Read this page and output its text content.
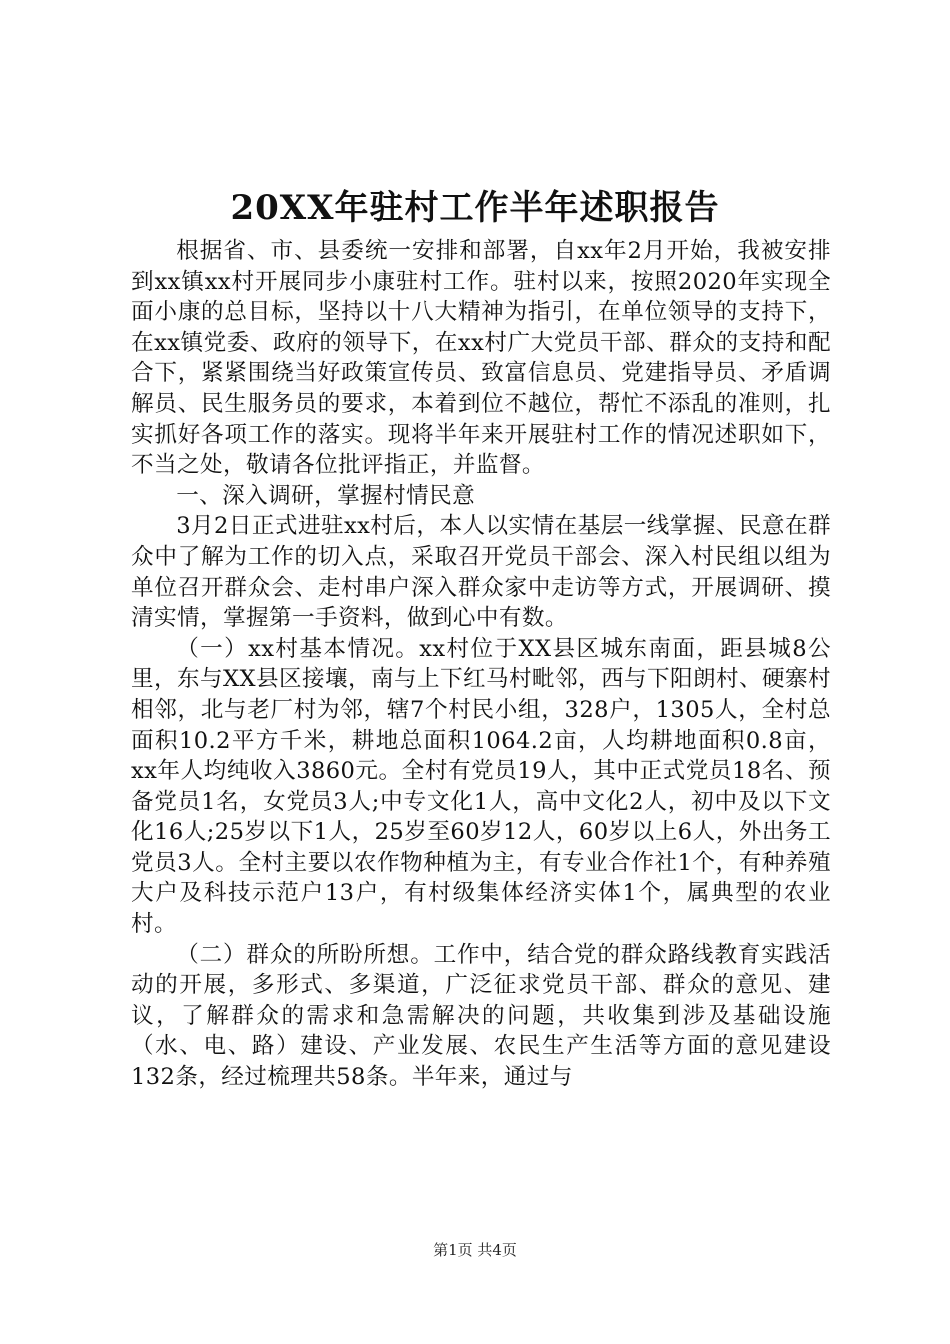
20XX年驻村工作半年述职报告

根据省、市、县委统一安排和部署，自xx年2月开始，我被安排到xx镇xx村开展同步小康驻村工作。驻村以来，按照2020年实现全面小康的总目标，坚持以十八大精神为指引，在单位领导的支持下，在xx镇党委、政府的领导下，在xx村广大党员干部、群众的支持和配合下，紧紧围绕当好政策宣传员、致富信息员、党建指导员、矛盾调解员、民生服务员的要求，本着到位不越位，帮忙不添乱的准则，扎实抓好各项工作的落实。现将半年来开展驻村工作的情况述职如下，不当之处，敬请各位批评指正，并监督。

一、深入调研，掌握村情民意

3月2日正式进驻xx村后，本人以实情在基层一线掌握、民意在群众中了解为工作的切入点，采取召开党员干部会、深入村民组以组为单位召开群众会、走村串户深入群众家中走访等方式，开展调研、摸清实情，掌握第一手资料，做到心中有数。

（一）xx村基本情况。xx村位于XX县区城东南面，距县城8公里，东与XX县区接壤，南与上下红马村毗邻，西与下阳朗村、硬寨村相邻，北与老厂村为邻，辖7个村民小组，328户，1305人，全村总面积10.2平方千米，耕地总面积1064.2亩，人均耕地面积0.8亩，xx年人均纯收入3860元。全村有党员19人，其中正式党员18名、预备党员1名，女党员3人;中专文化1人，高中文化2人，初中及以下文化16人;25岁以下1人，25岁至60岁12人，60岁以上6人，外出务工党员3人。全村主要以农作物种植为主，有专业合作社1个，有种养殖大户及科技示范户13户，有村级集体经济实体1个，属典型的农业村。

（二）群众的所盼所想。工作中，结合党的群众路线教育实践活动的开展，多形式、多渠道，广泛征求党员干部、群众的意见、建议，了解群众的需求和急需解决的问题，共收集到涉及基础设施（水、电、路）建设、产业发展、农民生产生活等方面的意见建设132条，经过梳理共58条。半年来，通过与

第1页 共4页
